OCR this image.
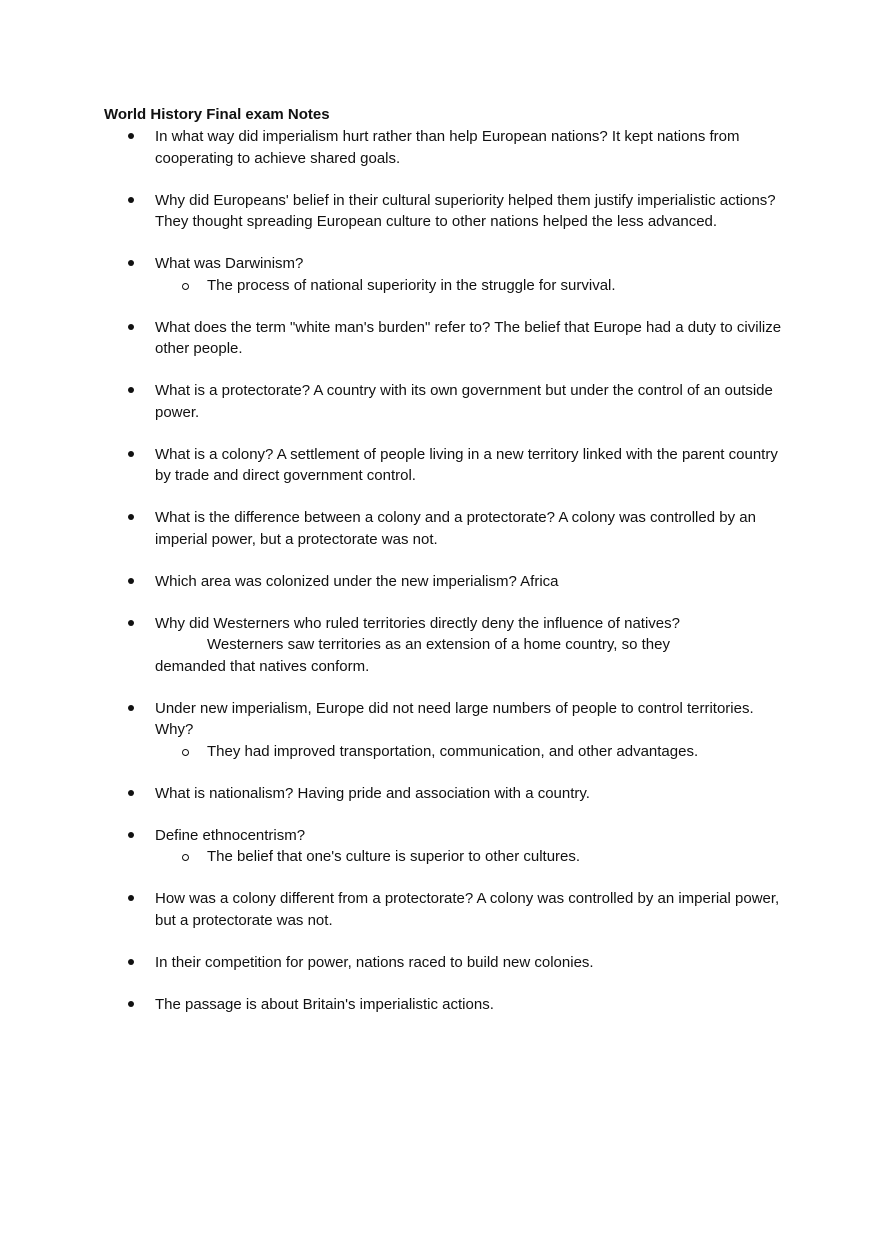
World History Final exam Notes
In what way did imperialism hurt rather than help European nations? It kept nations from cooperating to achieve shared goals.
Why did Europeans' belief in their cultural superiority helped them justify imperialistic actions? They thought spreading European culture to other nations helped the less advanced.
What was Darwinism?
The process of national superiority in the struggle for survival.
What does the term "white man's burden" refer to? The belief that Europe had a duty to civilize other people.
What is a protectorate? A country with its own government but under the control of an outside power.
What is a colony? A settlement of people living in a new territory linked with the parent country by trade and direct government control.
What is the difference between a colony and a protectorate? A colony was controlled by an imperial power, but a protectorate was not.
Which area was colonized under the new imperialism? Africa
Why did Westerners who ruled territories directly deny the influence of natives?
Westerners saw territories as an extension of a home country, so they
demanded that natives conform.
Under new imperialism, Europe did not need large numbers of people to control territories. Why?
They had improved transportation, communication, and other advantages.
What is nationalism? Having pride and association with a country.
Define ethnocentrism?
The belief that one's culture is superior to other cultures.
How was a colony different from a protectorate? A colony was controlled by an imperial power, but a protectorate was not.
In their competition for power, nations raced to build new colonies.
The passage is about Britain's imperialistic actions.
